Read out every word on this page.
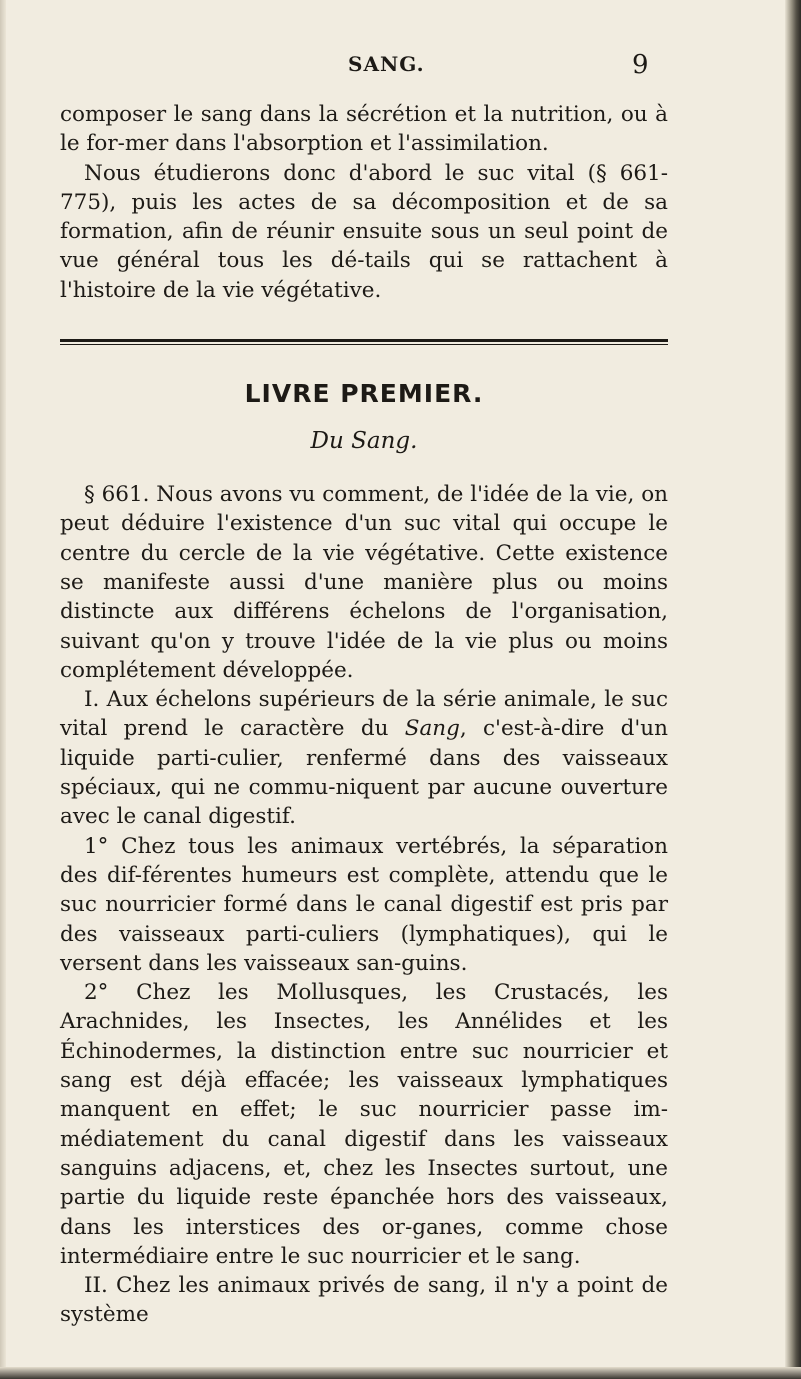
SANG.	9

composer le sang dans la sécrétion et la nutrition, ou à le for-mer dans l'absorption et l'assimilation.

Nous étudierons donc d'abord le suc vital (§ 661-775), puis les actes de sa décomposition et de sa formation, afin de réunir ensuite sous un seul point de vue général tous les dé-tails qui se rattachent à l'histoire de la vie végétative.

LIVRE PREMIER.
Du Sang.

§ 661. Nous avons vu comment, de l'idée de la vie, on peut déduire l'existence d'un suc vital qui occupe le centre du cercle de la vie végétative. Cette existence se manifeste aussi d'une manière plus ou moins distincte aux différens échelons de l'organisation, suivant qu'on y trouve l'idée de la vie plus ou moins complétement développée.

I. Aux échelons supérieurs de la série animale, le suc vital prend le caractère du Sang, c'est-à-dire d'un liquide parti-culier, renfermé dans des vaisseaux spéciaux, qui ne commu-niquent par aucune ouverture avec le canal digestif.

1° Chez tous les animaux vertébrés, la séparation des dif-férentes humeurs est complète, attendu que le suc nourricier formé dans le canal digestif est pris par des vaisseaux parti-culiers (lymphatiques), qui le versent dans les vaisseaux san-guins.

2° Chez les Mollusques, les Crustacés, les Arachnides, les Insectes, les Annélides et les Échinodermes, la distinction entre suc nourricier et sang est déjà effacée; les vaisseaux lymphatiques manquent en effet; le suc nourricier passe im-médiatement du canal digestif dans les vaisseaux sanguins adjacens, et, chez les Insectes surtout, une partie du liquide reste épanchée hors des vaisseaux, dans les interstices des or-ganes, comme chose intermédiaire entre le suc nourricier et le sang.

II. Chez les animaux privés de sang, il n'y a point de système
